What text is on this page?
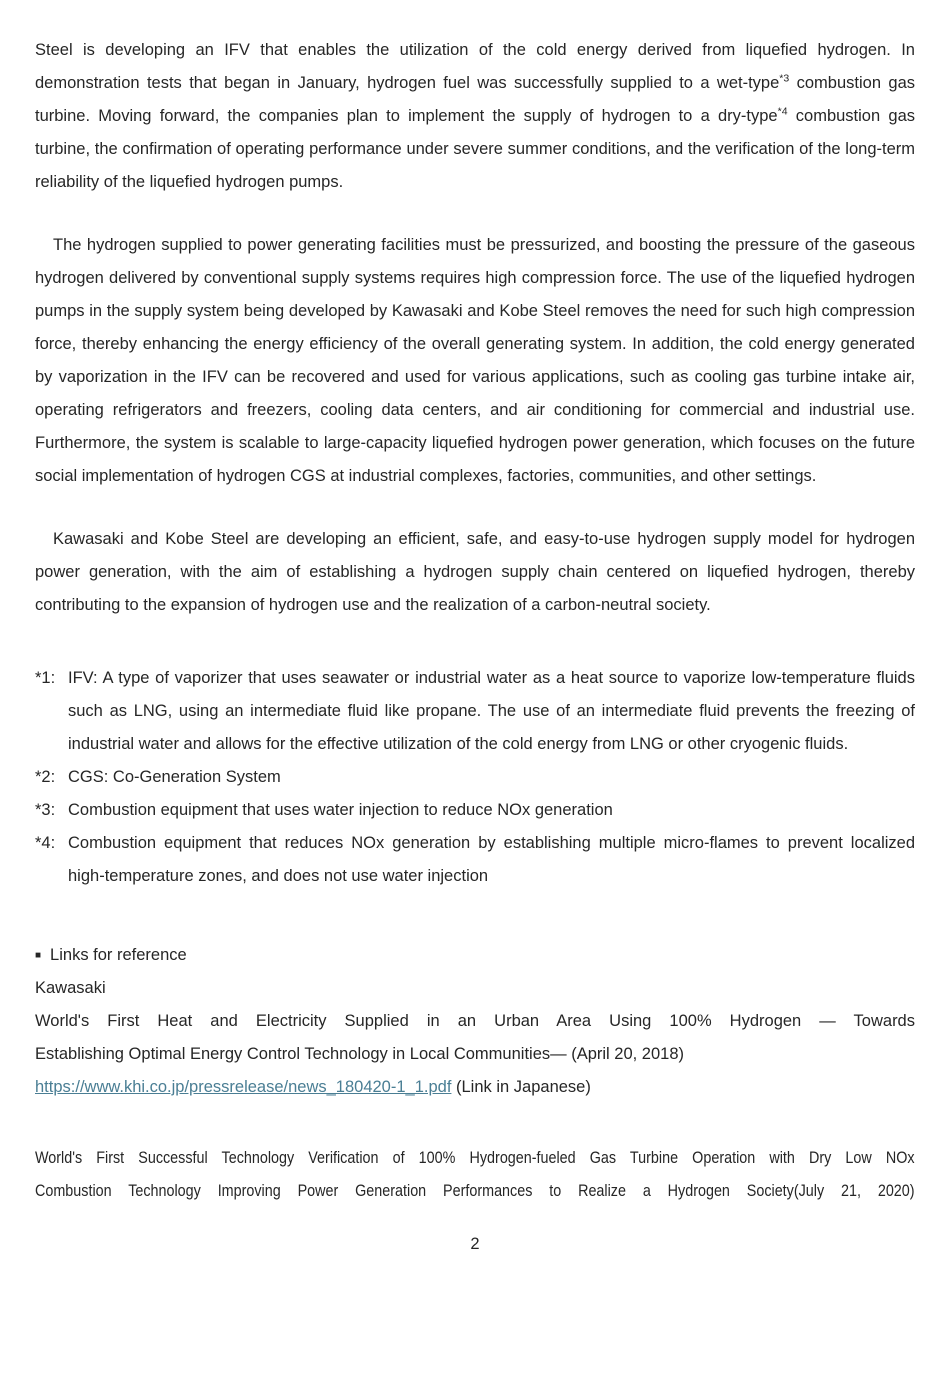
Steel is developing an IFV that enables the utilization of the cold energy derived from liquefied hydrogen. In demonstration tests that began in January, hydrogen fuel was successfully supplied to a wet-type$^{*3}$ combustion gas turbine. Moving forward, the companies plan to implement the supply of hydrogen to a dry-type$^{*4}$ combustion gas turbine, the confirmation of operating performance under severe summer conditions, and the verification of the long-term reliability of the liquefied hydrogen pumps.

The hydrogen supplied to power generating facilities must be pressurized, and boosting the pressure of the gaseous hydrogen delivered by conventional supply systems requires high compression force. The use of the liquefied hydrogen pumps in the supply system being developed by Kawasaki and Kobe Steel removes the need for such high compression force, thereby enhancing the energy efficiency of the overall generating system. In addition, the cold energy generated by vaporization in the IFV can be recovered and used for various applications, such as cooling gas turbine intake air, operating refrigerators and freezers, cooling data centers, and air conditioning for commercial and industrial use. Furthermore, the system is scalable to large-capacity liquefied hydrogen power generation, which focuses on the future social implementation of hydrogen CGS at industrial complexes, factories, communities, and other settings.

Kawasaki and Kobe Steel are developing an efficient, safe, and easy-to-use hydrogen supply model for hydrogen power generation, with the aim of establishing a hydrogen supply chain centered on liquefied hydrogen, thereby contributing to the expansion of hydrogen use and the realization of a carbon-neutral society.

*1: IFV: A type of vaporizer that uses seawater or industrial water as a heat source to vaporize low-temperature fluids such as LNG, using an intermediate fluid like propane. The use of an intermediate fluid prevents the freezing of industrial water and allows for the effective utilization of the cold energy from LNG or other cryogenic fluids.
*2: CGS: Co-Generation System
*3: Combustion equipment that uses water injection to reduce NOx generation
*4: Combustion equipment that reduces NOx generation by establishing multiple micro-flames to prevent localized high-temperature zones, and does not use water injection
■ Links for reference
Kawasaki
World's First Heat and Electricity Supplied in an Urban Area Using 100% Hydrogen — Towards
Establishing Optimal Energy Control Technology in Local Communities— (April 20, 2018)
https://www.khi.co.jp/pressrelease/news_180420-1_1.pdf (Link in Japanese)
World's First Successful Technology Verification of 100% Hydrogen-fueled Gas Turbine Operation with Dry Low NOx
Combustion Technology Improving Power Generation Performances to Realize a Hydrogen Society(July 21, 2020)
2
